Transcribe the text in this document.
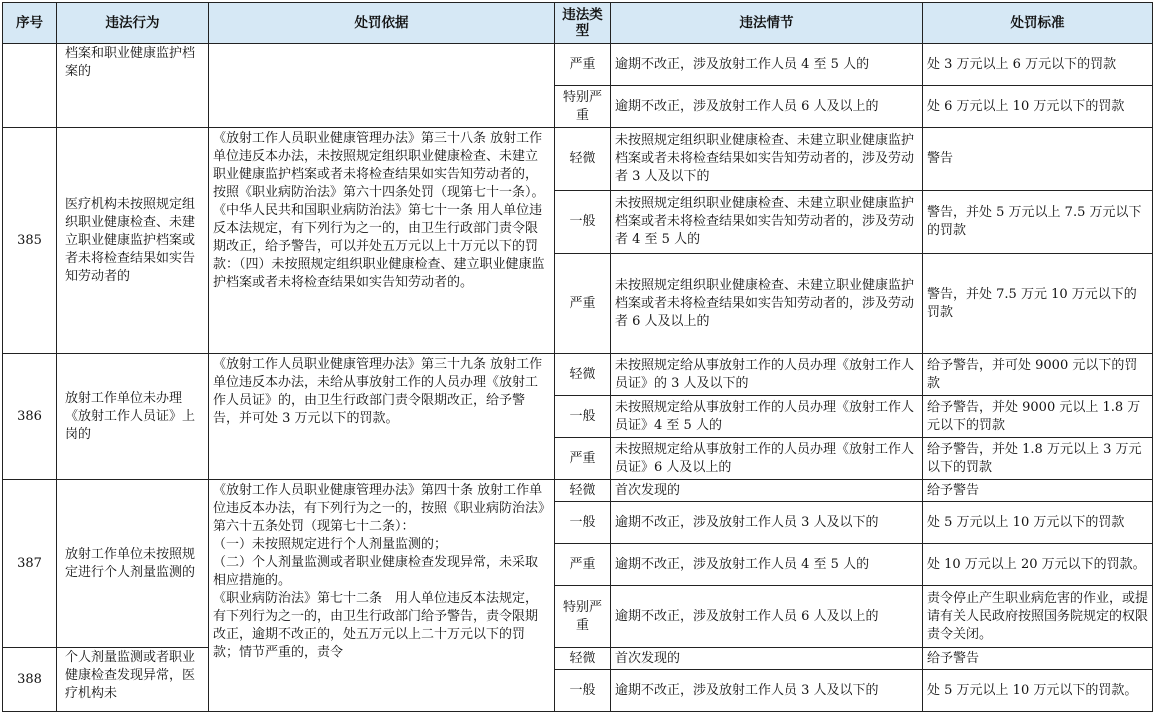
序号	违法行为	处罚依据	违法类型	违法情节	处罚标准
	档案和职业健康监护档案的		严重	逾期不改正，涉及放射工作人员 4 至 5 人的	处 3 万元以上 6 万元以下的罚款
			特别严重	逾期不改正，涉及放射工作人员 6 人及以上的	处 6 万元以上 10 万元以下的罚款
385	医疗机构未按照规定组织职业健康检查、未建立职业健康监护档案或者未将检查结果如实告知劳动者的	《放射工作人员职业健康管理办法》第三十八条 放射工作单位违反本办法，未按照规定组织职业健康检查、未建立职业健康监护档案或者未将检查结果如实告知劳动者的，按照《职业病防治法》第六十四条处罚（现第七十一条）。
《中华人民共和国职业病防治法》第七十一条 用人单位违反本法规定，有下列行为之一的，由卫生行政部门责令限期改正，给予警告，可以并处五万元以上十万元以下的罚款：（四）未按照规定组织职业健康检查、建立职业健康监护档案或者未将检查结果如实告知劳动者的。	轻微	未按照规定组织职业健康检查、未建立职业健康监护档案或者未将检查结果如实告知劳动者的，涉及劳动者 3 人及以下的	警告
			一般	未按照规定组织职业健康检查、未建立职业健康监护档案或者未将检查结果如实告知劳动者的，涉及劳动者 4 至 5 人的	警告，并处 5 万元以上 7.5 万元以下的罚款
			严重	未按照规定组织职业健康检查、未建立职业健康监护档案或者未将检查结果如实告知劳动者的，涉及劳动者 6 人及以上的	警告，并处 7.5 万元 10 万元以下的罚款
386	放射工作单位未办理《放射工作人员证》上岗的	《放射工作人员职业健康管理办法》第三十九条 放射工作单位违反本办法，未给从事放射工作的人员办理《放射工作人员证》的，由卫生行政部门责令限期改正，给予警告，并可处 3 万元以下的罚款。	轻微	未按照规定给从事放射工作的人员办理《放射工作人员证》的 3 人及以下的	给予警告，并可处 9000 元以下的罚款
			一般	未按照规定给从事放射工作的人员办理《放射工作人员证》4 至 5 人的	给予警告，并处 9000 元以上 1.8 万元以下的罚款
			严重	未按照规定给从事放射工作的人员办理《放射工作人员证》6 人及以上的	给予警告，并处 1.8 万元以上 3 万元以下的罚款
387	放射工作单位未按照规定进行个人剂量监测的	《放射工作人员职业健康管理办法》第四十条 放射工作单位违反本办法，有下列行为之一的，按照《职业病防治法》第六十五条处罚（现第七十二条）：
（一）未按照规定进行个人剂量监测的；
（二）个人剂量监测或者职业健康检查发现异常，未采取相应措施的。
《职业病防治法》第七十二条　用人单位违反本法规定，有下列行为之一的，由卫生行政部门给予警告，责令限期改正，逾期不改正的，处五万元以上二十万元以下的罚款；情节严重的，责令	轻微	首次发现的	给予警告
			一般	逾期不改正，涉及放射工作人员 3 人及以下的	处 5 万元以上 10 万元以下的罚款
			严重	逾期不改正，涉及放射工作人员 4 至 5 人的	处 10 万元以上 20 万元以下的罚款。
			特别严重	逾期不改正，涉及放射工作人员 6 人及以上的	责令停止产生职业病危害的作业，或提请有关人民政府按照国务院规定的权限责令关闭。
388	个人剂量监测或者职业健康检查发现异常，医疗机构未		轻微	首次发现的	给予警告
			一般	逾期不改正，涉及放射工作人员 3 人及以下的	处 5 万元以上 10 万元以下的罚款。
